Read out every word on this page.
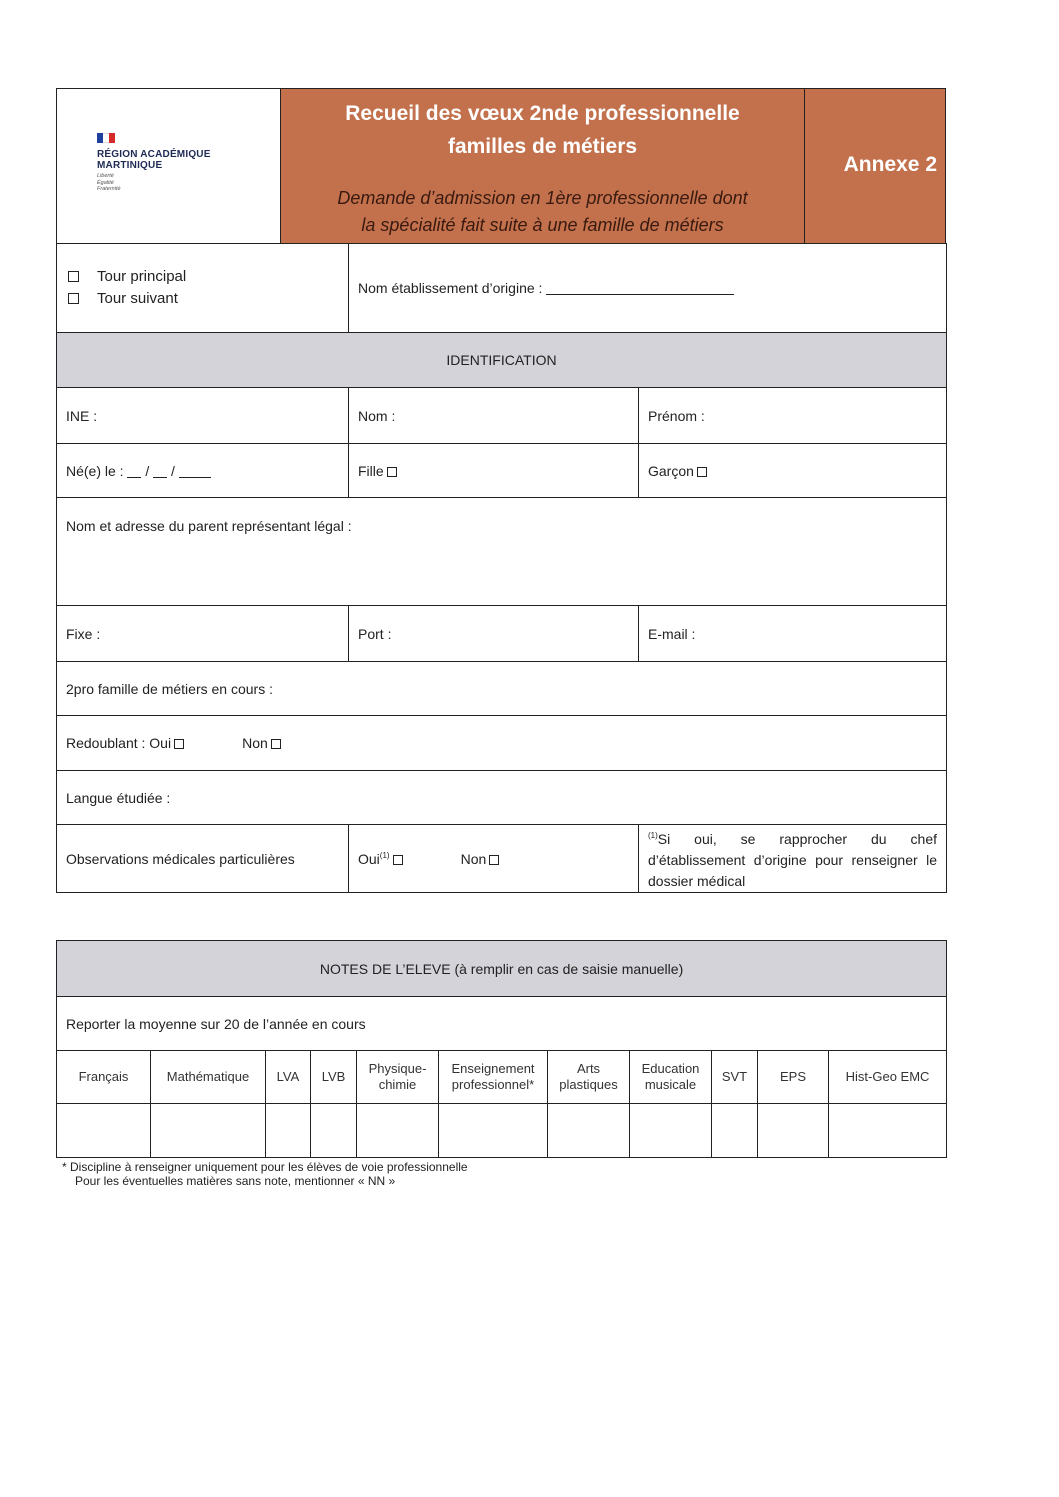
RÉGION ACADÉMIQUE
MARTINIQUE
Liberté
Égalité
Fraternité
Recueil des vœux 2nde professionnelle
familles de métiers
Demande d’admission en 1ère professionnelle dont
la spécialité fait suite à une famille de métiers
Annexe 2
Tour principal
Tour suivant	Nom établissement d’origine :	
IDENTIFICATION		
INE :	Nom :	Prénom :
Né(e) le :  /  /	Fille	Garçon
Nom et adresse du parent représentant légal :		
Fixe :	Port :	E-mail :
2pro famille de métiers en cours :		
Redoublant : Oui Non		
Langue étudiée :		
Observations médicales particulières	Oui$^{(1)}$ Non	$^{(1)}$Si oui, se rapprocher du chef d’établissement d’origine pour renseigner le dossier médical
NOTES DE L’ELEVE (à remplir en cas de saisie manuelle)										
Reporter la moyenne sur 20 de l’année en cours										
Français	Mathématique	LVA	LVB	Physique-chimie	Enseignement professionnel*	Arts plastiques	Education musicale	SVT	EPS	Hist-Geo EMC

* Discipline à renseigner uniquement pour les élèves de voie professionnelle
Pour les éventuelles matières sans note, mentionner « NN »
